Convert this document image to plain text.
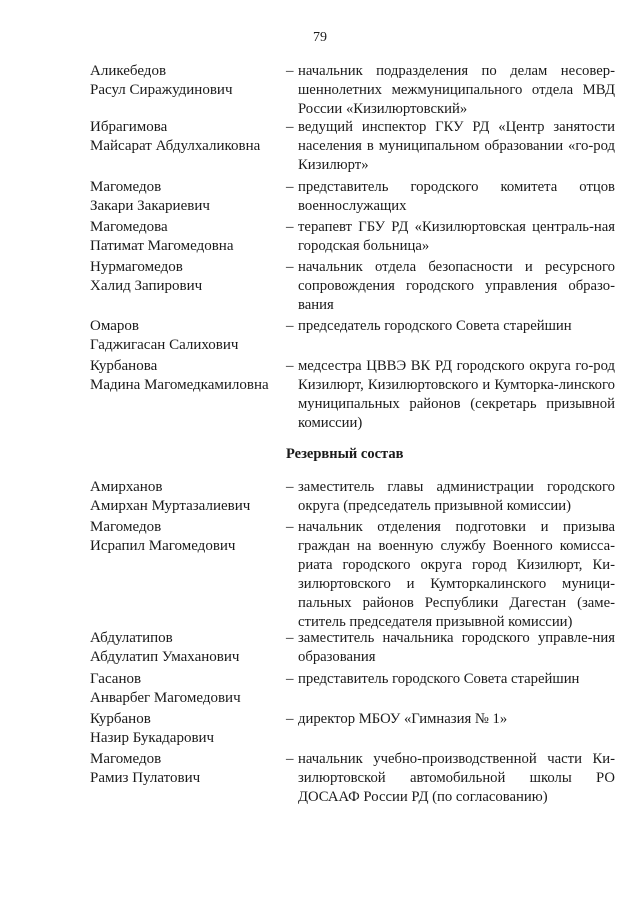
79
Аликебедов
Расул Сиражудинович
– начальник подразделения по делам несовер-шеннолетних межмуниципального отдела МВД России «Кизилюртовский»
Ибрагимова
Майсарат Абдулхаликовна
– ведущий инспектор ГКУ РД «Центр занятости населения в муниципальном образовании «го-род Кизилюрт»
Магомедов
Закари Закариевич
– представитель городского комитета отцов военнослужащих
Магомедова
Патимат Магомедовна
– терапевт ГБУ РД «Кизилюртовская централь-ная городская больница»
Нурмагомедов
Халид Запирович
– начальник отдела безопасности и ресурсного сопровождения городского управления образо-вания
Омаров
Гаджигасан Салихович
– председатель городского Совета старейшин
Курбанова
Мадина Магомедкамиловна
– медсестра ЦВВЭ ВК РД городского округа го-род Кизилюрт, Кизилюртовского и Кумторка-линского муниципальных районов (секретарь призывной комиссии)
Резервный состав
Амирханов
Амирхан Муртазалиевич
– заместитель главы администрации городского округа (председатель призывной комиссии)
Магомедов
Исрапил Магомедович
– начальник отделения подготовки и призыва граждан на военную службу Военного комисса-риата городского округа город Кизилюрт, Ки-зилюртовского и Кумторкалинского муници-пальных районов Республики Дагестан (заме-ститель председателя призывной комиссии)
Абдулатипов
Абдулатип Умаханович
– заместитель начальника городского управле-ния образования
Гасанов
Анварбег Магомедович
– представитель городского Совета старейшин
Курбанов
Назир Букадарович
– директор МБОУ «Гимназия № 1»
Магомедов
Рамиз Пулатович
– начальник учебно-производственной части Ки-зилюртовской автомобильной школы РО ДОСААФ России РД (по согласованию)
